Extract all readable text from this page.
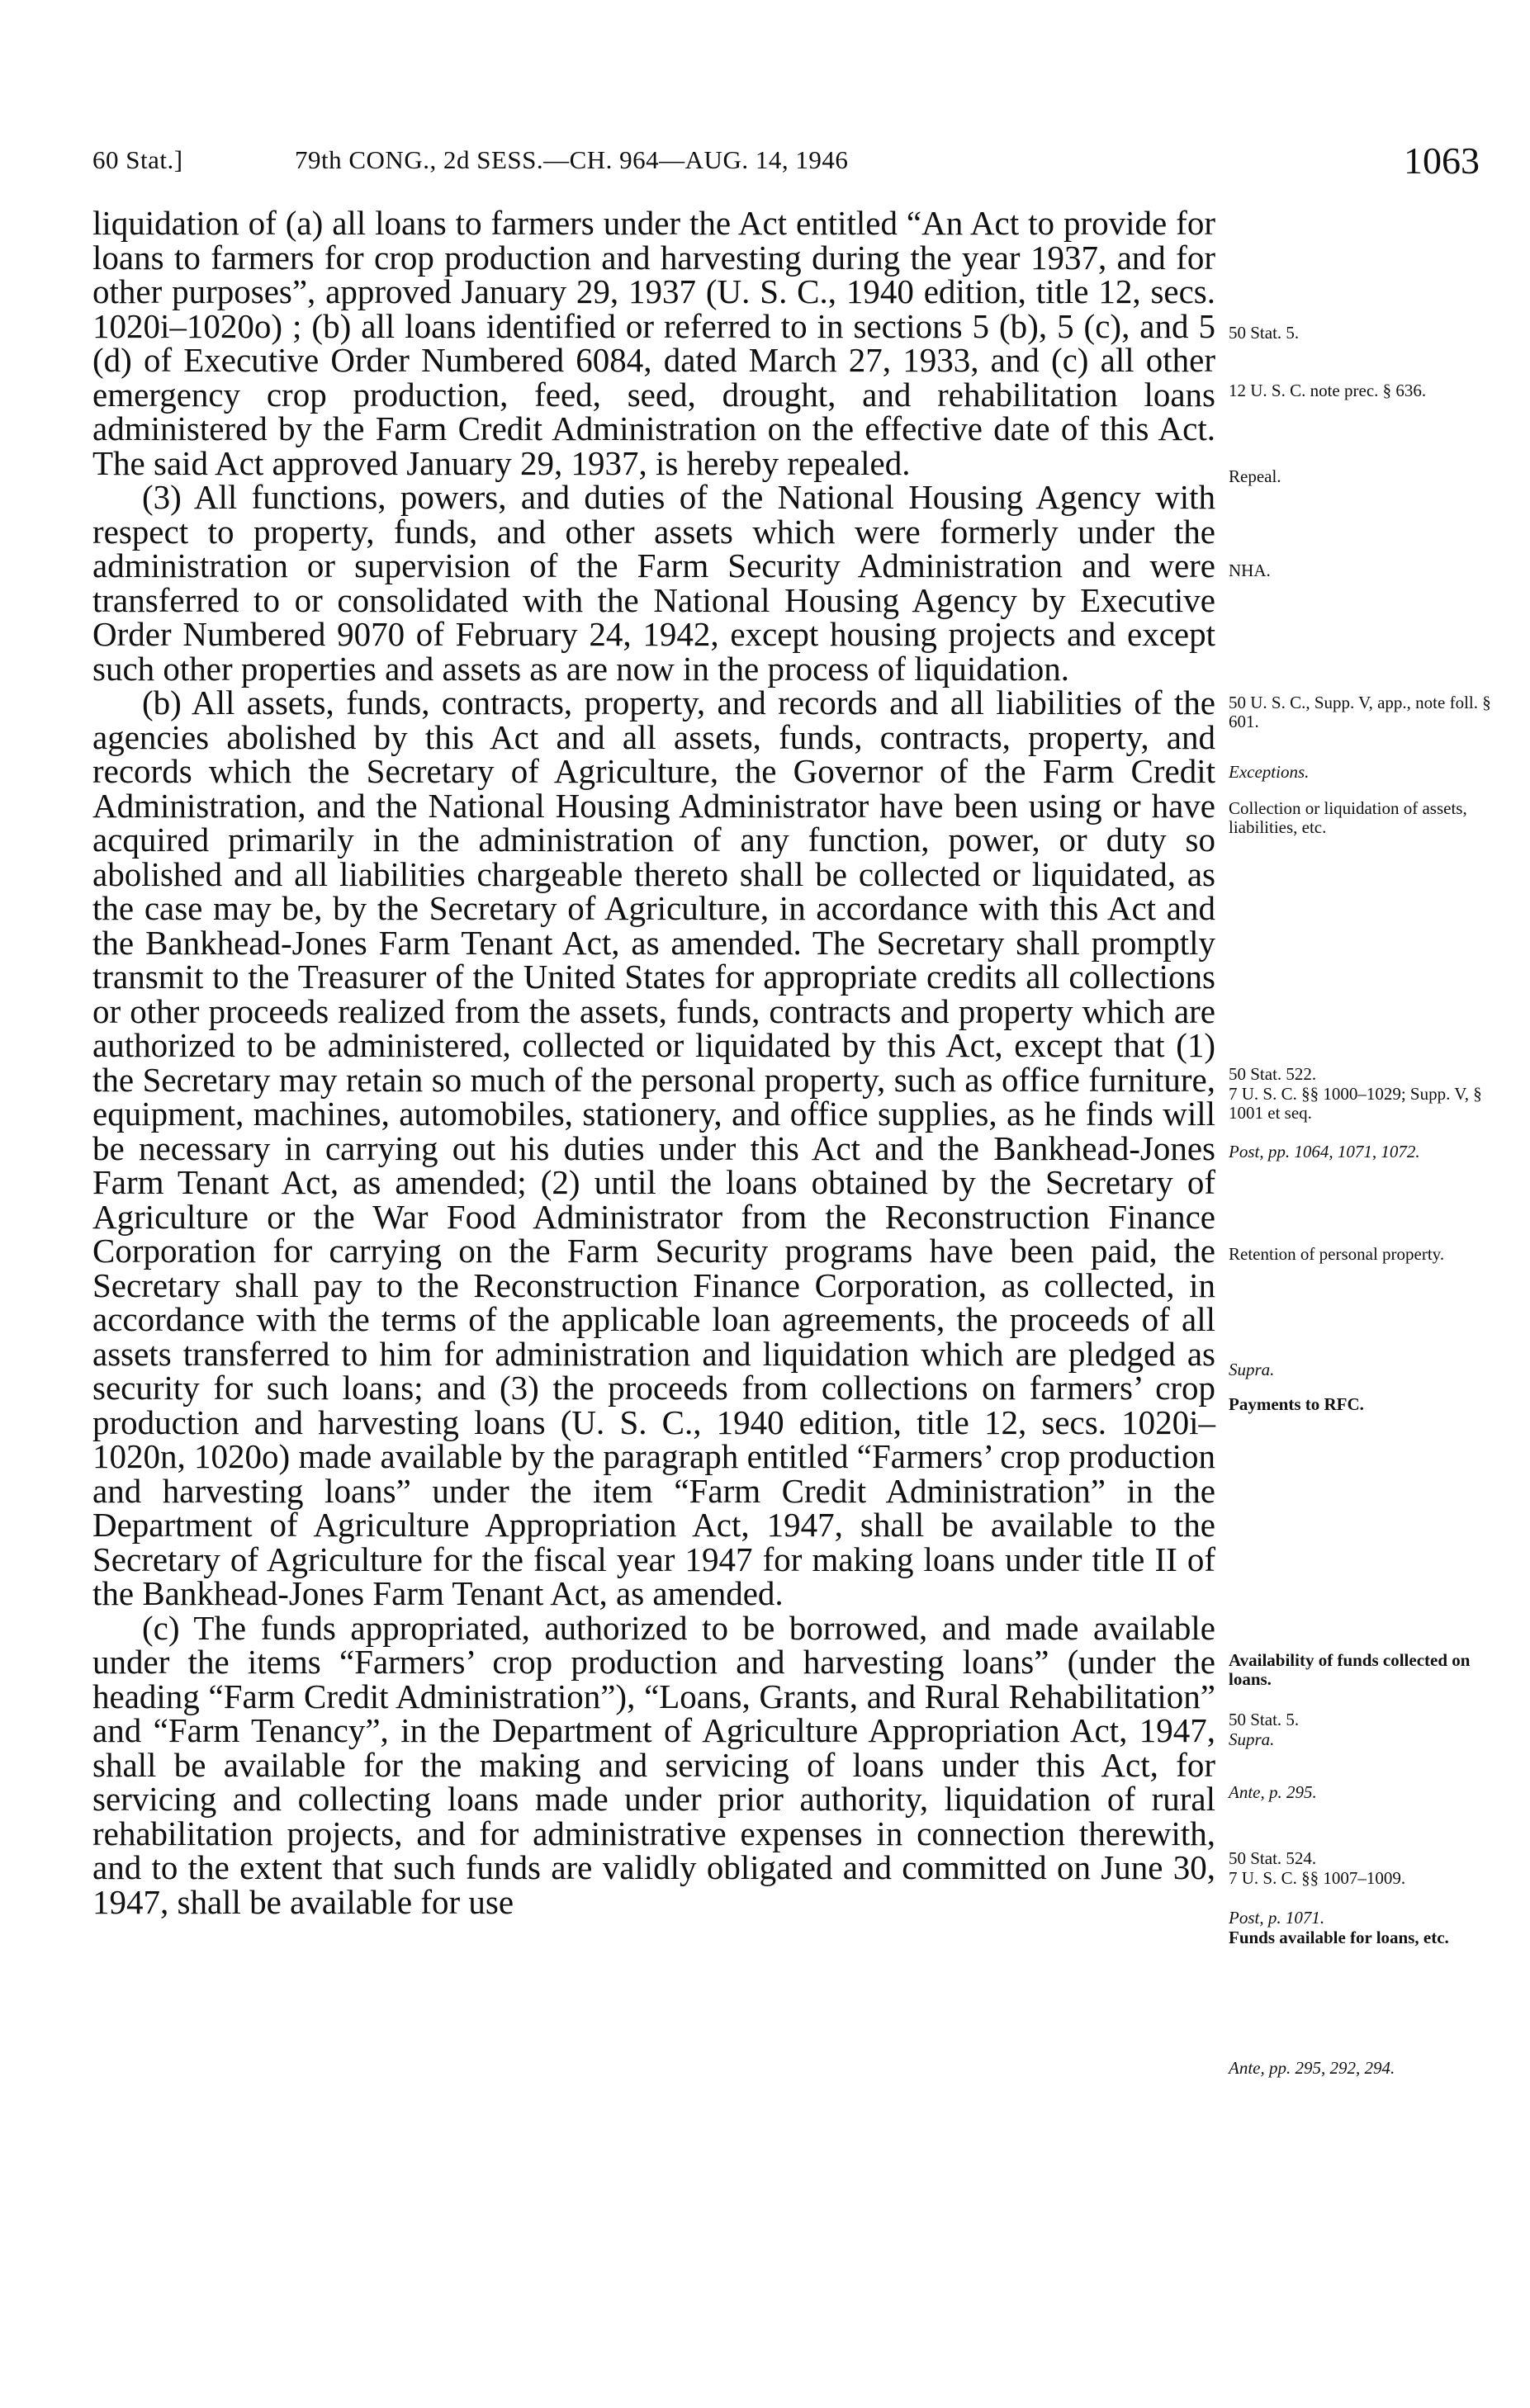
60 Stat.]	79th CONG., 2d SESS.—CH. 964—AUG. 14, 1946	1063

liquidation of (a) all loans to farmers under the Act entitled “An Act to provide for loans to farmers for crop production and harvesting during the year 1937, and for other purposes”, approved January 29, 1937 (U. S. C., 1940 edition, title 12, secs. 1020i–1020o) ; (b) all loans identified or referred to in sections 5 (b), 5 (c), and 5 (d) of Executive Order Numbered 6084, dated March 27, 1933, and (c) all other emergency crop production, feed, seed, drought, and rehabilitation loans administered by the Farm Credit Administration on the effective date of this Act. The said Act approved January 29, 1937, is hereby repealed.

(3) All functions, powers, and duties of the National Housing Agency with respect to property, funds, and other assets which were formerly under the administration or supervision of the Farm Security Administration and were transferred to or consolidated with the National Housing Agency by Executive Order Numbered 9070 of February 24, 1942, except housing projects and except such other properties and assets as are now in the process of liquidation.

(b) All assets, funds, contracts, property, and records and all liabilities of the agencies abolished by this Act and all assets, funds, contracts, property, and records which the Secretary of Agriculture, the Governor of the Farm Credit Administration, and the National Housing Administrator have been using or have acquired primarily in the administration of any function, power, or duty so abolished and all liabilities chargeable thereto shall be collected or liquidated, as the case may be, by the Secretary of Agriculture, in accordance with this Act and the Bankhead-Jones Farm Tenant Act, as amended. The Secretary shall promptly transmit to the Treasurer of the United States for appropriate credits all collections or other proceeds realized from the assets, funds, contracts and property which are authorized to be administered, collected or liquidated by this Act, except that (1) the Secretary may retain so much of the personal property, such as office furniture, equipment, machines, automobiles, stationery, and office supplies, as he finds will be necessary in carrying out his duties under this Act and the Bankhead-Jones Farm Tenant Act, as amended; (2) until the loans obtained by the Secretary of Agriculture or the War Food Administrator from the Reconstruction Finance Corporation for carrying on the Farm Security programs have been paid, the Secretary shall pay to the Reconstruction Finance Corporation, as collected, in accordance with the terms of the applicable loan agreements, the proceeds of all assets transferred to him for administration and liquidation which are pledged as security for such loans; and (3) the proceeds from collections on farmers’ crop production and harvesting loans (U. S. C., 1940 edition, title 12, secs. 1020i–1020n, 1020o) made available by the paragraph entitled “Farmers’ crop production and harvesting loans” under the item “Farm Credit Administration” in the Department of Agriculture Appropriation Act, 1947, shall be available to the Secretary of Agriculture for the fiscal year 1947 for making loans under title II of the Bankhead-Jones Farm Tenant Act, as amended.

(c) The funds appropriated, authorized to be borrowed, and made available under the items “Farmers’ crop production and harvesting loans” (under the heading “Farm Credit Administration”), “Loans, Grants, and Rural Rehabilitation” and “Farm Tenancy”, in the Department of Agriculture Appropriation Act, 1947, shall be available for the making and servicing of loans under this Act, for servicing and collecting loans made under prior authority, liquidation of rural rehabilitation projects, and for administrative expenses in connection therewith, and to the extent that such funds are validly obligated and committed on June 30, 1947, shall be available for use

50 Stat. 5.
12 U. S. C. note prec. § 636.
Repeal.
NHA.
50 U. S. C., Supp. V, app., note foll. § 601.
Exceptions.
Collection or liquidation of assets, liabilities, etc.
50 Stat. 522.
7 U. S. C. §§ 1000–1029; Supp. V, § 1001 et seq.
Post, pp. 1064, 1071, 1072.
Retention of personal property.
Supra.
Payments to RFC.
Availability of funds collected on loans.
50 Stat. 5.
Supra.
Ante, p. 295.
50 Stat. 524.
7 U. S. C. §§ 1007–1009.
Post, p. 1071.
Funds available for loans, etc.
Ante, pp. 295, 292, 294.
